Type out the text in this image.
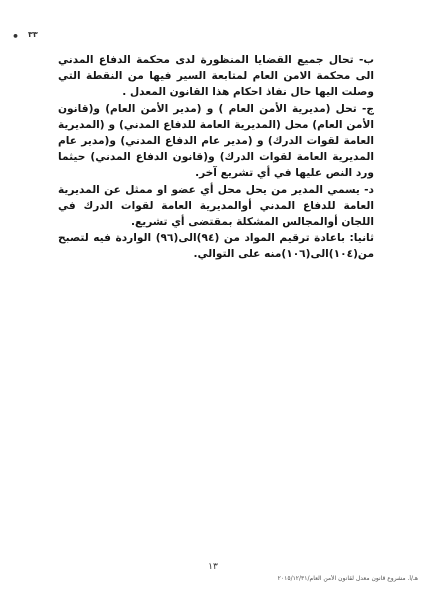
• ٣٣

ب- تحال جميع القضايا المنظورة لدى محكمة الدفاع المدني الى محكمة الامن العام لمتابعة السير فيها من النقطة التي وصلت اليها حال نفاذ احكام هذا القانون المعدل .

ج- تحل (مديرية الأمن العام ) و (مدير الأمن العام) و(قانون الأمن العام) محل (المديرية العامة للدفاع المدني) و (المديرية العامة لقوات الدرك) و (مدير عام الدفاع المدني) و(مدير عام المديرية العامة لقوات الدرك) و(قانون الدفاع المدني) حيثما ورد النص عليها في أي تشريع آخر.

د- يسمي المدير من يحل محل أي عضو او ممثل عن المديرية العامة للدفاع المدني أوالمديرية العامة لقوات الدرك في اللجان أوالمجالس المشكلة بمقتضى أي تشريع.

ثانيا: باعادة ترقيم المواد من (٩٤)الى(٩٦) الواردة فيه لتصبح من(١٠٤)الى(١٠٦)منه على التوالي.

١٣
هـ/أ. مشروع قانون معدل لقانون الأمن العام/٢٠١٥/١٢/٣١
